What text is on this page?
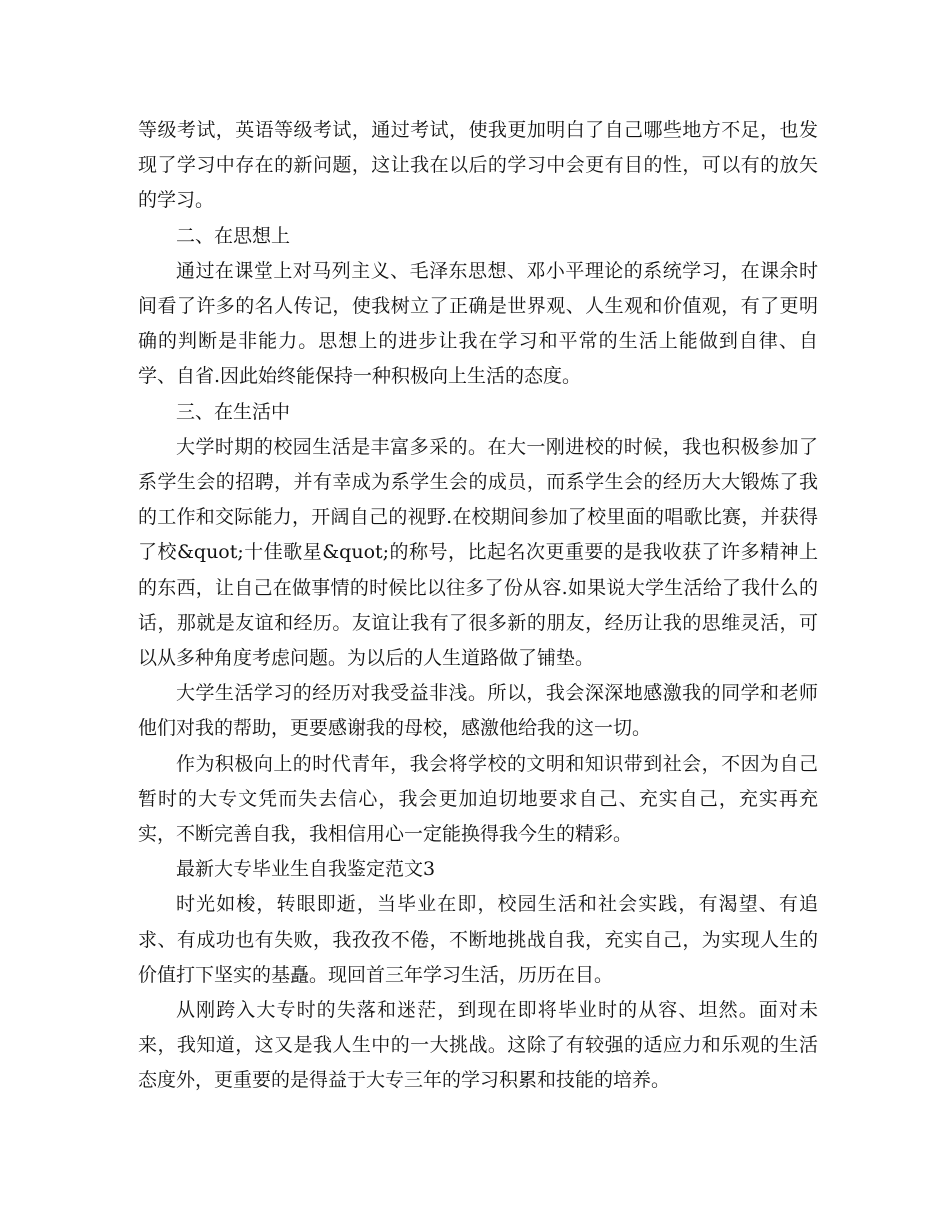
等级考试，英语等级考试，通过考试，使我更加明白了自己哪些地方不足，也发现了学习中存在的新问题，这让我在以后的学习中会更有目的性，可以有的放矢的学习。

二、在思想上

通过在课堂上对马列主义、毛泽东思想、邓小平理论的系统学习，在课余时间看了许多的名人传记，使我树立了正确是世界观、人生观和价值观，有了更明确的判断是非能力。思想上的进步让我在学习和平常的生活上能做到自律、自学、自省.因此始终能保持一种积极向上生活的态度。

三、在生活中

大学时期的校园生活是丰富多采的。在大一刚进校的时候，我也积极参加了系学生会的招聘，并有幸成为系学生会的成员，而系学生会的经历大大锻炼了我的工作和交际能力，开阔自己的视野.在校期间参加了校里面的唱歌比赛，并获得了校&quot;十佳歌星&quot;的称号，比起名次更重要的是我收获了许多精神上的东西，让自己在做事情的时候比以往多了份从容.如果说大学生活给了我什么的话，那就是友谊和经历。友谊让我有了很多新的朋友，经历让我的思维灵活，可以从多种角度考虑问题。为以后的人生道路做了铺垫。

大学生活学习的经历对我受益非浅。所以，我会深深地感激我的同学和老师他们对我的帮助，更要感谢我的母校，感激他给我的这一切。

作为积极向上的时代青年，我会将学校的文明和知识带到社会，不因为自己暂时的大专文凭而失去信心，我会更加迫切地要求自己、充实自己，充实再充实，不断完善自我，我相信用心一定能换得我今生的精彩。

最新大专毕业生自我鉴定范文3

时光如梭，转眼即逝，当毕业在即，校园生活和社会实践，有渴望、有追求、有成功也有失败，我孜孜不倦，不断地挑战自我，充实自己，为实现人生的价值打下坚实的基矗。现回首三年学习生活，历历在目。

从刚跨入大专时的失落和迷茫，到现在即将毕业时的从容、坦然。面对未来，我知道，这又是我人生中的一大挑战。这除了有较强的适应力和乐观的生活态度外，更重要的是得益于大专三年的学习积累和技能的培养。
